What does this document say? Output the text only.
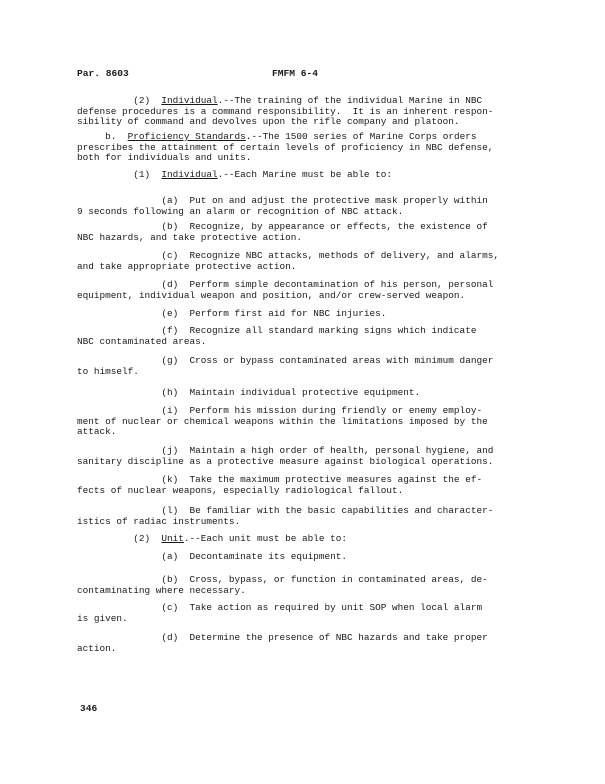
Par. 8603	FMFM 6-4
(2)  Individual.--The training of the individual Marine in NBC
defense procedures is a command responsibility.  It is an inherent respon-
sibility of command and devolves upon the rifle company and platoon.
b.  Proficiency Standards.--The 1500 series of Marine Corps orders
prescribes the attainment of certain levels of proficiency in NBC defense,
both for individuals and units.
(1)  Individual.--Each Marine must be able to:
(a)  Put on and adjust the protective mask properly within
9 seconds following an alarm or recognition of NBC attack.
(b)  Recognize, by appearance or effects, the existence of
NBC hazards, and take protective action.
(c)  Recognize NBC attacks, methods of delivery, and alarms,
and take appropriate protective action.
(d)  Perform simple decontamination of his person, personal
equipment, individual weapon and position, and/or crew-served weapon.
(e)  Perform first aid for NBC injuries.
(f)  Recognize all standard marking signs which indicate
NBC contaminated areas.
(g)  Cross or bypass contaminated areas with minimum danger
to himself.
(h)  Maintain individual protective equipment.
(i)  Perform his mission during friendly or enemy employ-
ment of nuclear or chemical weapons within the limitations imposed by the
attack.
(j)  Maintain a high order of health, personal hygiene, and
sanitary discipline as a protective measure against biological operations.
(k)  Take the maximum protective measures against the ef-
fects of nuclear weapons, especially radiological fallout.
(l)  Be familiar with the basic capabilities and character-
istics of radiac instruments.
(2)  Unit.--Each unit must be able to:
(a)  Decontaminate its equipment.
(b)  Cross, bypass, or function in contaminated areas, de-
contaminating where necessary.
(c)  Take action as required by unit SOP when local alarm
is given.
(d)  Determine the presence of NBC hazards and take proper
action.
346
